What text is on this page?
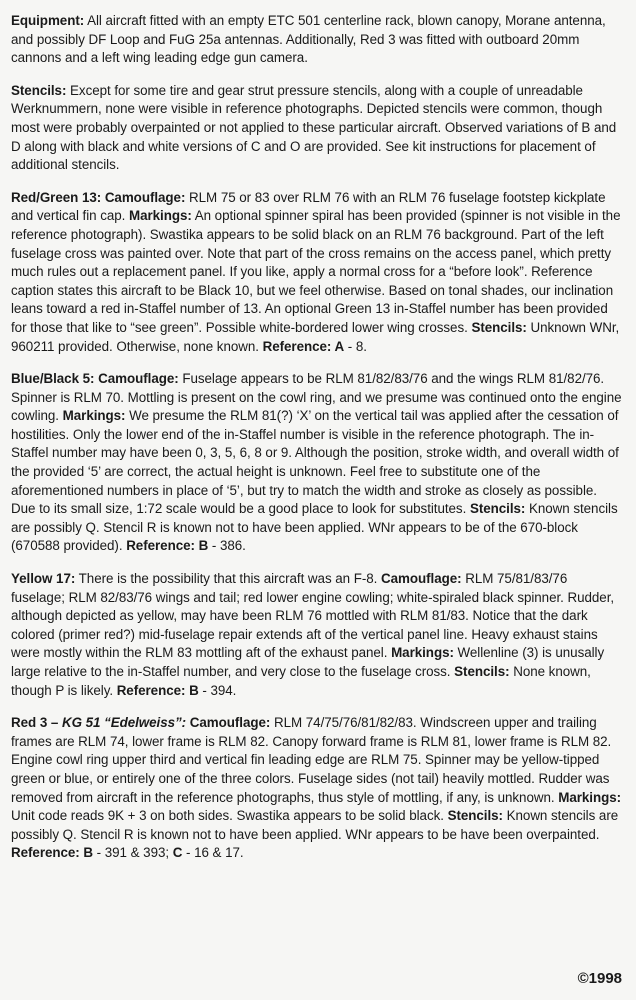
Equipment: All aircraft fitted with an empty ETC 501 centerline rack, blown canopy, Morane antenna, and possibly DF Loop and FuG 25a antennas. Additionally, Red 3 was fitted with outboard 20mm cannons and a left wing leading edge gun camera.

Stencils: Except for some tire and gear strut pressure stencils, along with a couple of unreadable Werknummern, none were visible in reference photographs. Depicted stencils were common, though most were probably overpainted or not applied to these particular aircraft. Observed variations of B and D along with black and white versions of C and O are provided. See kit instructions for placement of additional stencils.

Red/Green 13: Camouflage: RLM 75 or 83 over RLM 76 with an RLM 76 fuselage footstep kickplate and vertical fin cap. Markings: An optional spinner spiral has been provided (spinner is not visible in the reference photograph). Swastika appears to be solid black on an RLM 76 background. Part of the left fuselage cross was painted over. Note that part of the cross remains on the access panel, which pretty much rules out a replacement panel. If you like, apply a normal cross for a “before look”. Reference caption states this aircraft to be Black 10, but we feel otherwise. Based on tonal shades, our inclination leans toward a red in-Staffel number of 13. An optional Green 13 in-Staffel number has been provided for those that like to “see green”. Possible white-bordered lower wing crosses. Stencils: Unknown WNr, 960211 provided. Otherwise, none known. Reference: A - 8.

Blue/Black 5: Camouflage: Fuselage appears to be RLM 81/82/83/76 and the wings RLM 81/82/76. Spinner is RLM 70. Mottling is present on the cowl ring, and we presume was continued onto the engine cowling. Markings: We presume the RLM 81(?) ‘X’ on the vertical tail was applied after the cessation of hostilities. Only the lower end of the in-Staffel number is visible in the reference photograph. The in-Staffel number may have been 0, 3, 5, 6, 8 or 9. Although the position, stroke width, and overall width of the provided ‘5’ are correct, the actual height is unknown. Feel free to substitute one of the aforementioned numbers in place of ‘5’, but try to match the width and stroke as closely as possible. Due to its small size, 1:72 scale would be a good place to look for substitutes. Stencils: Known stencils are possibly Q. Stencil R is known not to have been applied. WNr appears to be of the 670-block (670588 provided). Reference: B - 386.

Yellow 17: There is the possibility that this aircraft was an F-8. Camouflage: RLM 75/81/83/76 fuselage; RLM 82/83/76 wings and tail; red lower engine cowling; white-spiraled black spinner. Rudder, although depicted as yellow, may have been RLM 76 mottled with RLM 81/83. Notice that the dark colored (primer red?) mid-fuselage repair extends aft of the vertical panel line. Heavy exhaust stains were mostly within the RLM 83 mottling aft of the exhaust panel. Markings: Wellenline (3) is unusally large relative to the in-Staffel number, and very close to the fuselage cross. Stencils: None known, though P is likely. Reference: B - 394.

Red 3 – KG 51 “Edelweiss”: Camouflage: RLM 74/75/76/81/82/83. Windscreen upper and trailing frames are RLM 74, lower frame is RLM 82. Canopy forward frame is RLM 81, lower frame is RLM 82. Engine cowl ring upper third and vertical fin leading edge are RLM 75. Spinner may be yellow-tipped green or blue, or entirely one of the three colors. Fuselage sides (not tail) heavily mottled. Rudder was removed from aircraft in the reference photographs, thus style of mottling, if any, is unknown. Markings: Unit code reads 9K + 3 on both sides. Swastika appears to be solid black. Stencils: Known stencils are possibly Q. Stencil R is known not to have been applied. WNr appears to be have been overpainted. Reference: B - 391 & 393; C - 16 & 17.

©1998
